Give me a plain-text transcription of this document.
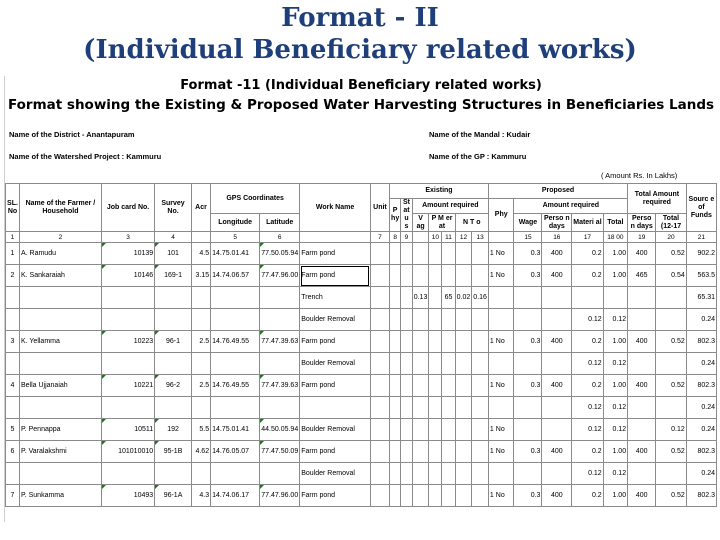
Format - II
(Individual Beneficiary related works)
Format -11 (Individual Beneficiary related works)
Format showing the Existing & Proposed Water Harvesting Structures in Beneficiaries Lands
Name of the District - Anantapuram	Name of the Mandal : Kudair
Name of the Watershed Project : Kammuru	Name of the GP : Kammuru
( Amount Rs. In Lakhs)
SL. No	Name of the Farmer / Household	Job card No.	Survey No.	Acr	GPS Coordinates		Work Name	Unit	Existing							Proposed					Total Amount required		Sourc e of Funds
									P hy	St at u s	Amount required					Phy	Amount required						
					Longitude	Latitude					V ag	P M er at		N T o			Wage	Perso n days	Materi al	Total	Perso n days	Total (12-17	
1	2	3	4		5	6		7	8	9		10	11	12	13		15	16	17	18 00	19	20	21
1	A. Ramudu	10139	101	4.5	14.75.01.41	77.50.05.94	Farm pond									1 No	0.3	400	0.2	1.00	400	0.52	902.2
2	K. Sankaraiah	10146	169-1	3.15	14.74.06.57	77.47.96.00	Farm pond									1 No	0.3	400	0.2	1.00	465	0.54	563.5
							Trench				0.13		65	0.02	0.16								65.31
							Boulder Removal												0.12	0.12			0.24
3	K. Yellamma	10223	96-1	2.5	14.76.49.55	77.47.39.63	Farm pond									1 No	0.3	400	0.2	1.00	400	0.52	802.3
							Boulder Removal												0.12	0.12			0.24
4	Bella Ujjanaiah	10221	96-2	2.5	14.76.49.55	77.47.39.63	Farm pond									1 No	0.3	400	0.2	1.00	400	0.52	802.3
																			0.12	0.12			0.24
5	P. Pennappa	10511	192	5.5	14.75.01.41	44.50.05.94	Boulder Removal									1 No			0.12	0.12		0.12	0.24
6	P. Varalakshmi	101010010	95-1B	4.62	14.76.05.07	77.47.50.09	Farm pond									1 No	0.3	400	0.2	1.00	400	0.52	802.3
							Boulder Removal												0.12	0.12			0.24
7	P. Sunkamma	10493	96-1A	4.3	14.74.06.17	77.47.96.00	Farm pond									1 No	0.3	400	0.2	1.00	400	0.52	802.3
